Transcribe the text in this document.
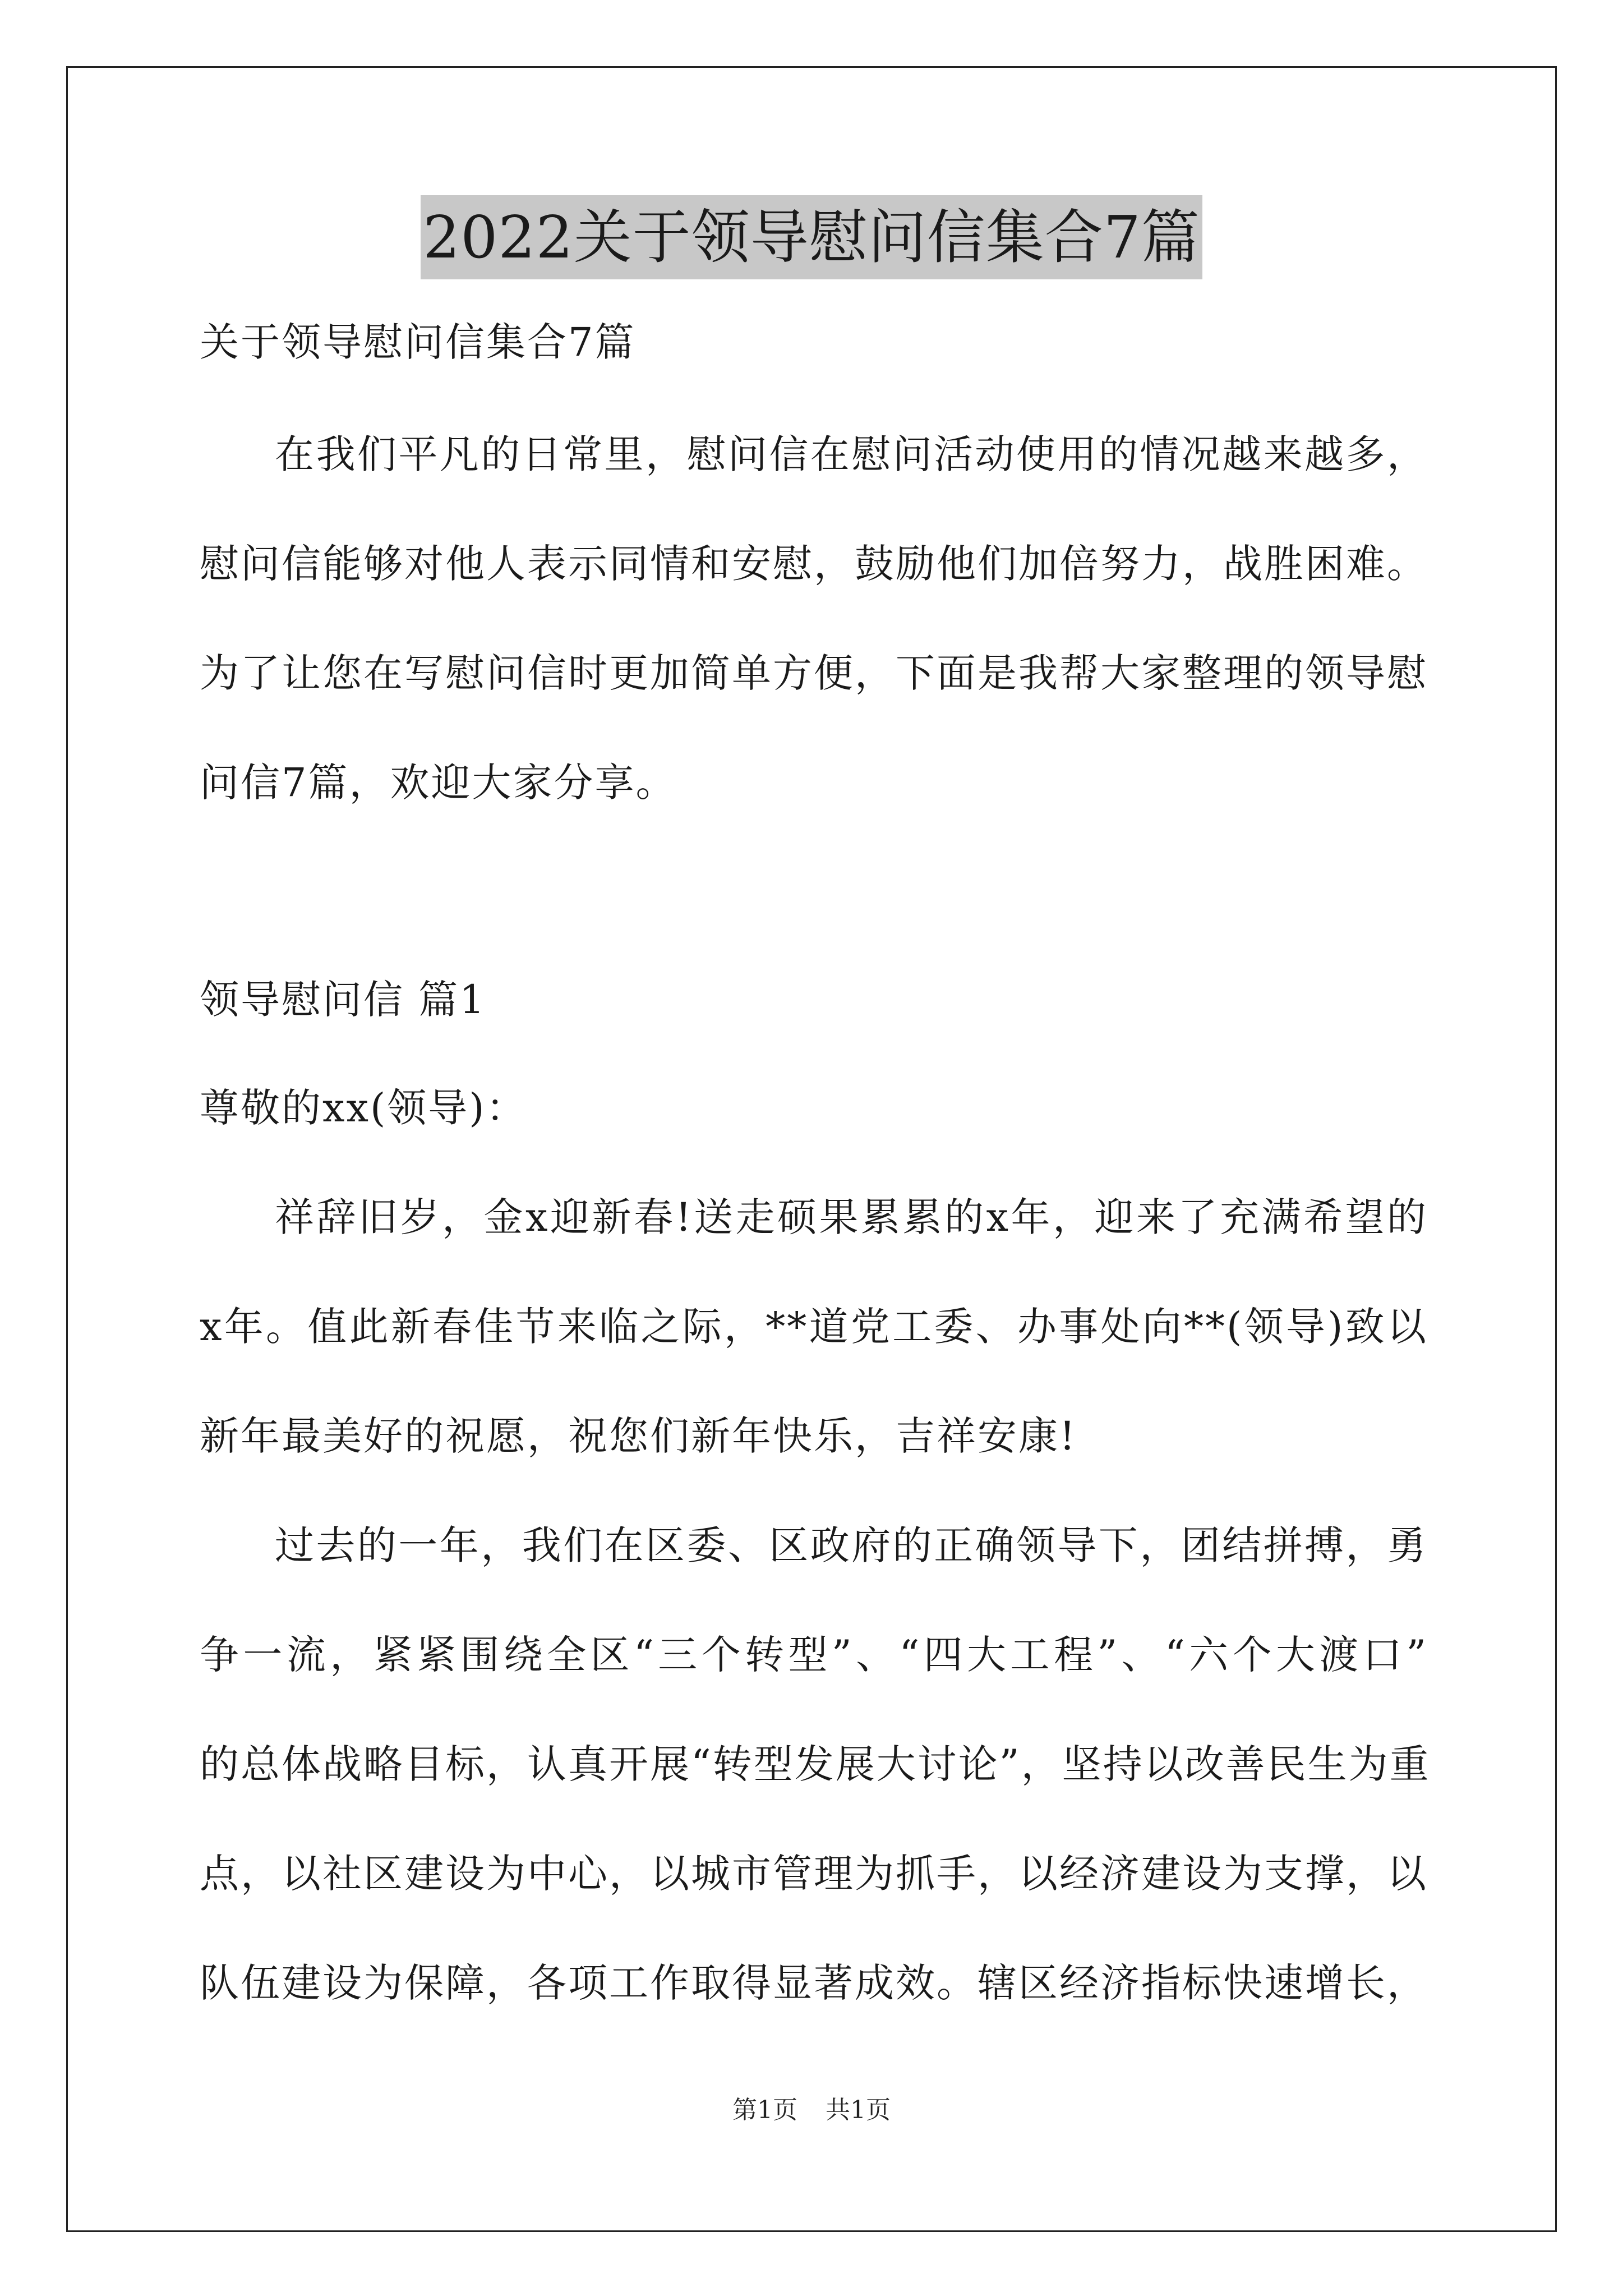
2022关于领导慰问信集合7篇
关于领导慰问信集合7篇
在我们平凡的日常里，慰问信在慰问活动使用的情况越来越多，
慰问信能够对他人表示同情和安慰，鼓励他们加倍努力，战胜困难。
为了让您在写慰问信时更加简单方便，下面是我帮大家整理的领导慰
问信7篇，欢迎大家分享。
领导慰问信 篇1
尊敬的xx(领导)：
祥辞旧岁，金x迎新春!送走硕果累累的x年，迎来了充满希望的
x年。值此新春佳节来临之际，**道党工委、办事处向**(领导)致以
新年最美好的祝愿，祝您们新年快乐，吉祥安康!
过去的一年，我们在区委、区政府的正确领导下，团结拼搏，勇
争一流，紧紧围绕全区“三个转型”、“四大工程”、“六个大渡口”
的总体战略目标，认真开展“转型发展大讨论”，坚持以改善民生为重
点，以社区建设为中心，以城市管理为抓手，以经济建设为支撑，以
队伍建设为保障，各项工作取得显著成效。辖区经济指标快速增长，
第1页 共1页
